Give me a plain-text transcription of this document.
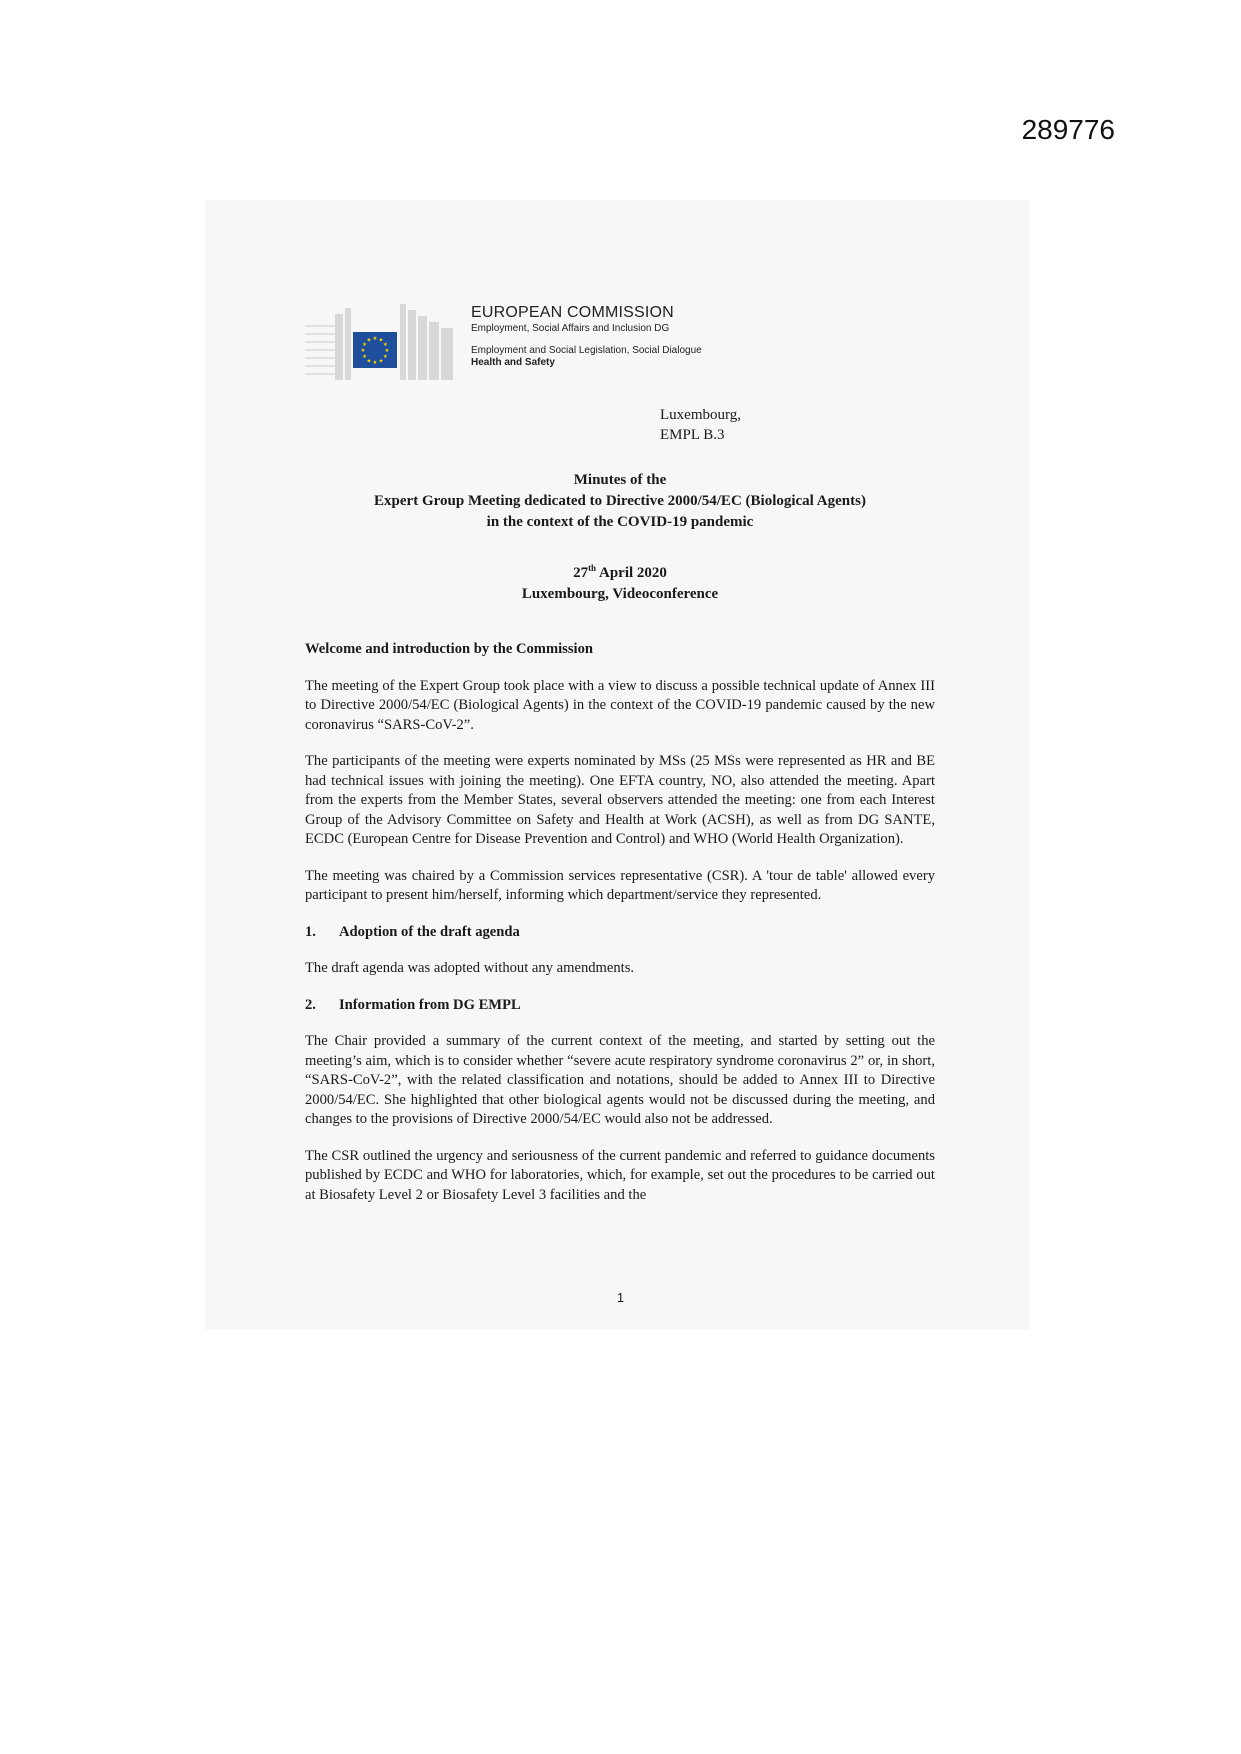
289776
★ ★
★
★
★
★
★
★
★
★
★
★
EUROPEAN COMMISSION
Employment, Social Affairs and Inclusion DG
Employment and Social Legislation, Social Dialogue
Health and Safety
Luxembourg,
EMPL B.3
Minutes of the
Expert Group Meeting dedicated to Directive 2000/54/EC (Biological Agents)
in the context of the COVID-19 pandemic
27th April 2020
Luxembourg, Videoconference
Welcome and introduction by the Commission
The meeting of the Expert Group took place with a view to discuss a possible technical update of Annex III to Directive 2000/54/EC (Biological Agents) in the context of the COVID-19 pandemic caused by the new coronavirus “SARS-CoV-2”.
The participants of the meeting were experts nominated by MSs (25 MSs were represented as HR and BE had technical issues with joining the meeting). One EFTA country, NO, also attended the meeting. Apart from the experts from the Member States, several observers attended the meeting: one from each Interest Group of the Advisory Committee on Safety and Health at Work (ACSH), as well as from DG SANTE, ECDC (European Centre for Disease Prevention and Control) and WHO (World Health Organization).
The meeting was chaired by a Commission services representative (CSR). A 'tour de table' allowed every participant to present him/herself, informing which department/service they represented.
1.	Adoption of the draft agenda
The draft agenda was adopted without any amendments.
2.	Information from DG EMPL
The Chair provided a summary of the current context of the meeting, and started by setting out the meeting’s aim, which is to consider whether “severe acute respiratory syndrome coronavirus 2” or, in short, “SARS-CoV-2”, with the related classification and notations, should be added to Annex III to Directive 2000/54/EC. She highlighted that other biological agents would not be discussed during the meeting, and changes to the provisions of Directive 2000/54/EC would also not be addressed.
The CSR outlined the urgency and seriousness of the current pandemic and referred to guidance documents published by ECDC and WHO for laboratories, which, for example, set out the procedures to be carried out at Biosafety Level 2 or Biosafety Level 3 facilities and the
1
